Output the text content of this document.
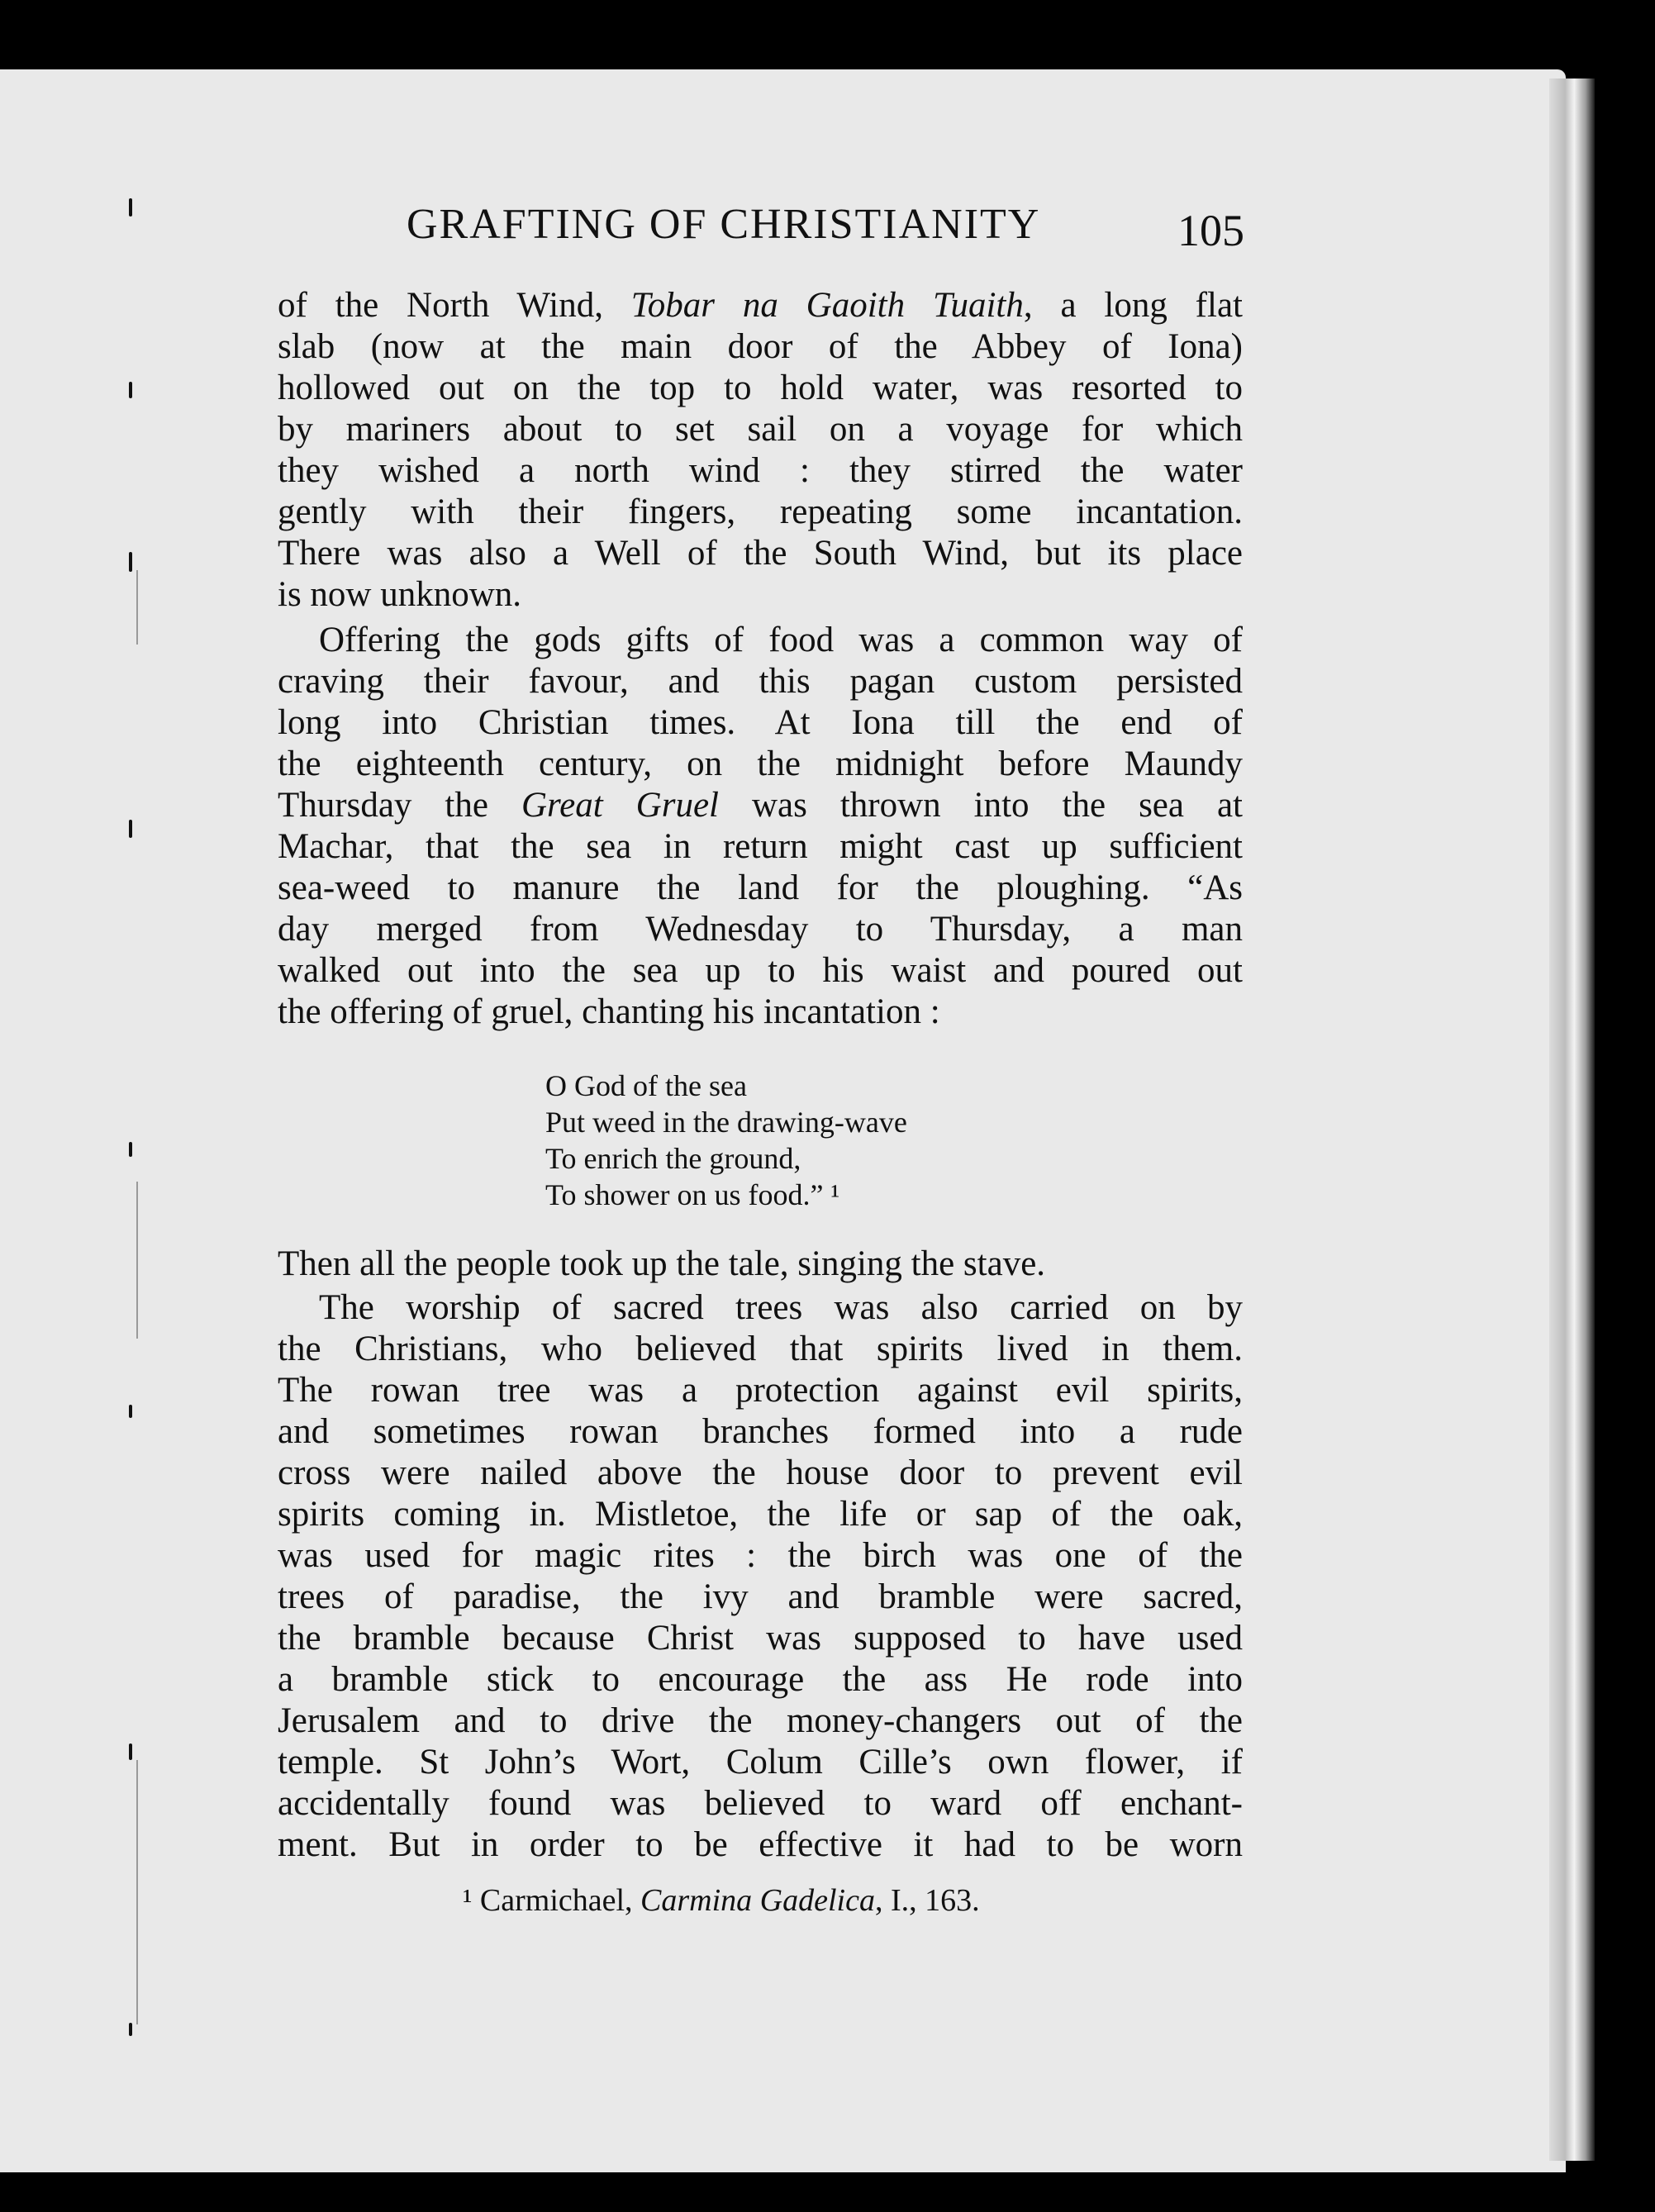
GRAFTING OF CHRISTIANITY	105
of the North Wind, Tobar na Gaoith Tuaith, a long flat
slab (now at the main door of the Abbey of Iona)
hollowed out on the top to hold water, was resorted to
by mariners about to set sail on a voyage for which
they wished a north wind : they stirred the water
gently with their fingers, repeating some incantation.
There was also a Well of the South Wind, but its place
is now unknown.
Offering the gods gifts of food was a common way of
craving their favour, and this pagan custom persisted
long into Christian times. At Iona till the end of
the eighteenth century, on the midnight before Maundy
Thursday the Great Gruel was thrown into the sea at
Machar, that the sea in return might cast up sufficient
sea-weed to manure the land for the ploughing. “As
day merged from Wednesday to Thursday, a man
walked out into the sea up to his waist and poured out
the offering of gruel, chanting his incantation :
O God of the sea
Put weed in the drawing-wave
To enrich the ground,
To shower on us food.” ¹
Then all the people took up the tale, singing the stave.
The worship of sacred trees was also carried on by
the Christians, who believed that spirits lived in them.
The rowan tree was a protection against evil spirits,
and sometimes rowan branches formed into a rude
cross were nailed above the house door to prevent evil
spirits coming in. Mistletoe, the life or sap of the oak,
was used for magic rites : the birch was one of the
trees of paradise, the ivy and bramble were sacred,
the bramble because Christ was supposed to have used
a bramble stick to encourage the ass He rode into
Jerusalem and to drive the money-changers out of the
temple. St John’s Wort, Colum Cille’s own flower, if
accidentally found was believed to ward off enchant-
ment. But in order to be effective it had to be worn
¹ Carmichael, Carmina Gadelica, I., 163.
